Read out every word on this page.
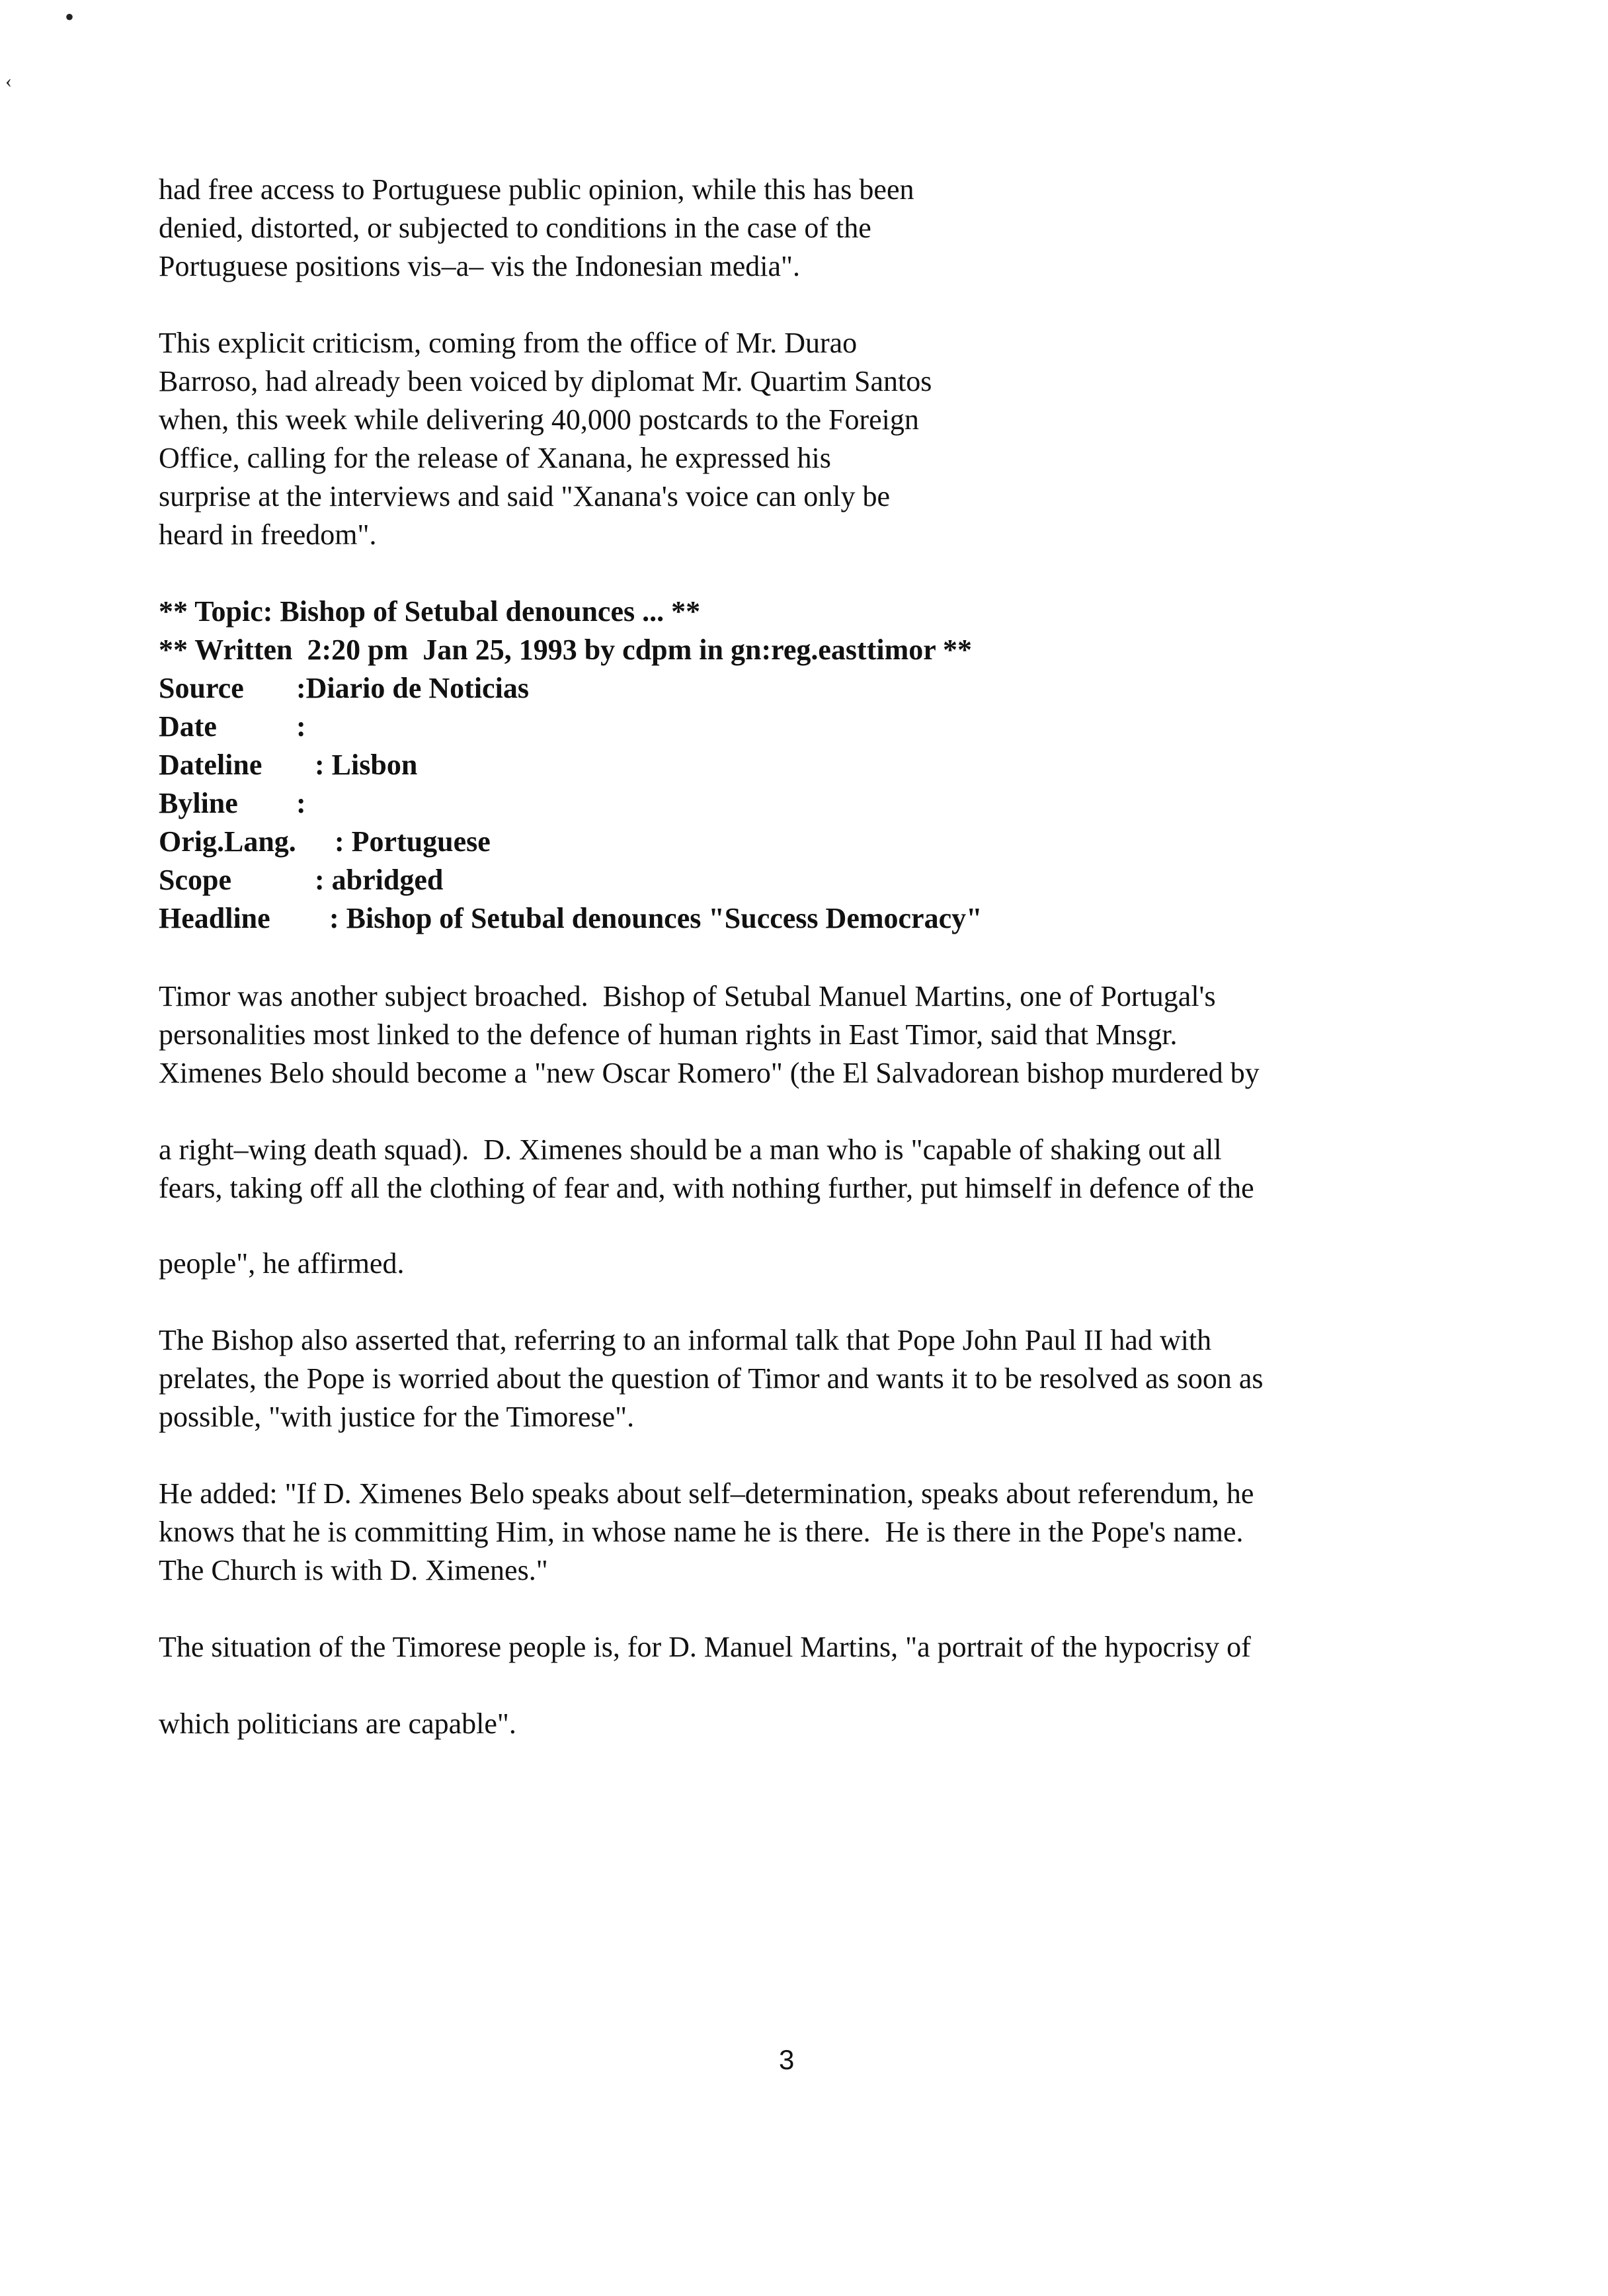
•
‹
had free access to Portuguese public opinion, while this has been
denied, distorted, or subjected to conditions in the case of the
Portuguese positions vis–a– vis the Indonesian media".
This explicit criticism, coming from the office of Mr. Durao
Barroso, had already been voiced by diplomat Mr. Quartim Santos
when, this week while delivering 40,000 postcards to the Foreign
Office, calling for the release of Xanana, he expressed his
surprise at the interviews and said "Xanana's voice can only be
heard in freedom".
** Topic: Bishop of Setubal denounces ... **
** Written  2:20 pm  Jan 25, 1993 by cdpm in gn:reg.easttimor **

Source

:Diario de Noticias

Date

	:

Dateline

: Lisbon

Byline

:

Orig.Lang.

: Portuguese

Scope

	: abridged

Headline

: Bishop of Setubal denounces "Success Democracy"

Timor was another subject broached.  Bishop of Setubal Manuel Martins, one of Portugal's
personalities most linked to the defence of human rights in East Timor, said that Mnsgr.
Ximenes Belo should become a "new Oscar Romero" (the El Salvadorean bishop murdered by
a right–wing death squad).  D. Ximenes should be a man who is "capable of shaking out all
fears, taking off all the clothing of fear and, with nothing further, put himself in defence of the
people", he affirmed.
The Bishop also asserted that, referring to an informal talk that Pope John Paul II had with
prelates, the Pope is worried about the question of Timor and wants it to be resolved as soon as
possible, "with justice for the Timorese".
He added: "If D. Ximenes Belo speaks about self–determination, speaks about referendum, he
knows that he is committing Him, in whose name he is there.  He is there in the Pope's name.
The Church is with D. Ximenes."
The situation of the Timorese people is, for D. Manuel Martins, "a portrait of the hypocrisy of
which politicians are capable".
3
